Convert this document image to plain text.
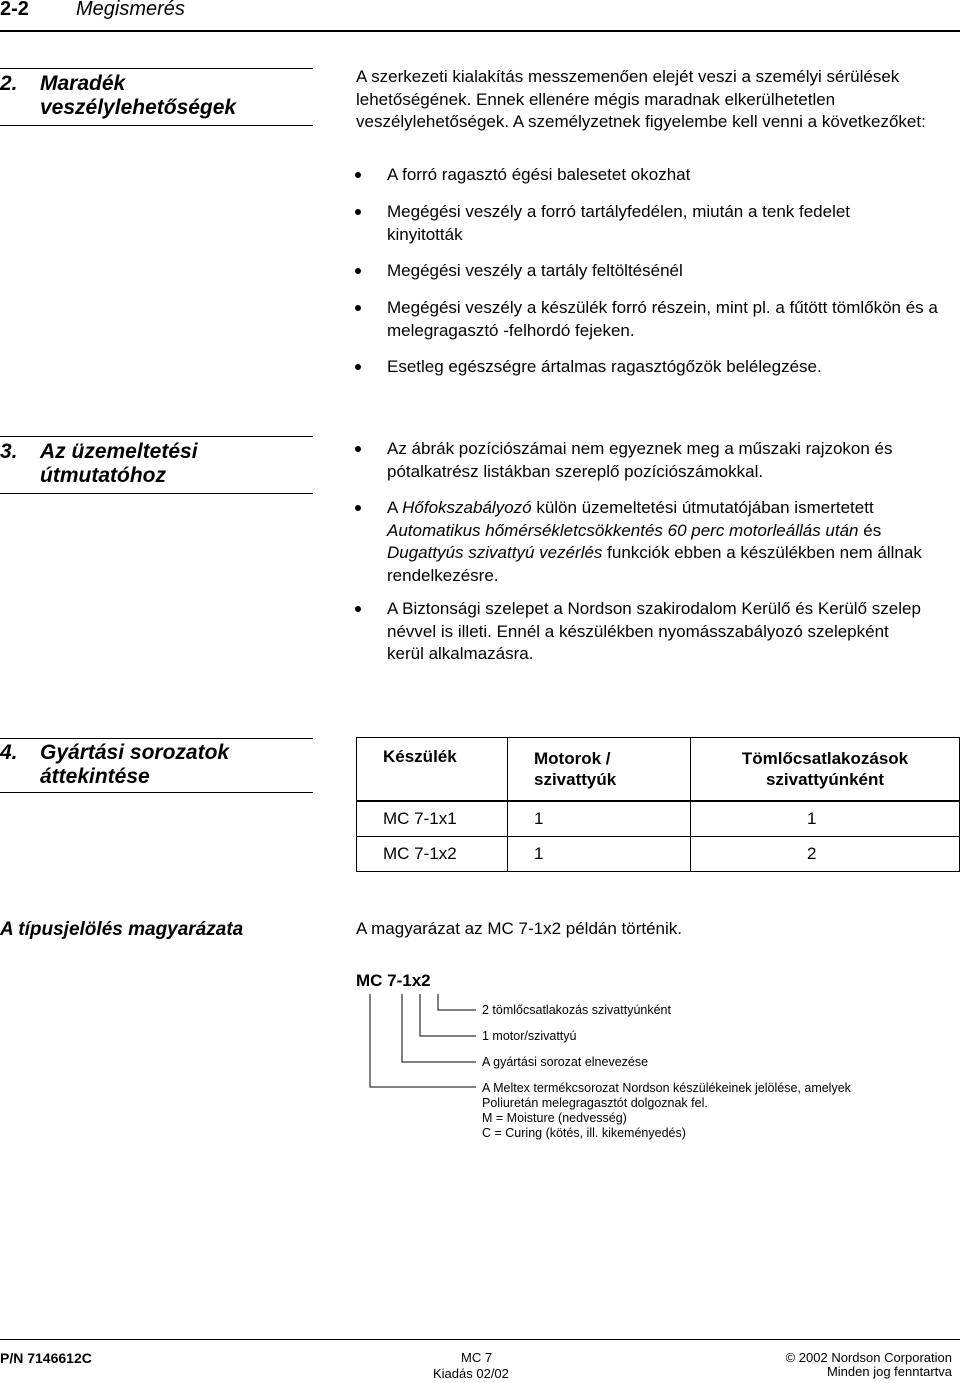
2-2 Megismerés
2. Maradék
veszélylehetőségek
A szerkezeti kialakítás messzemenően elejét veszi a személyi sérülések lehetőségének. Ennek ellenére mégis maradnak elkerülhetetlen veszélylehetőségek. A személyzetnek figyelembe kell venni a következőket:
A forró ragasztó égési balesetet okozhat
Megégési veszély a forró tartályfedélen, miután a tenk fedelet kinyitották
Megégési veszély a tartály feltöltésénél
Megégési veszély a készülék forró részein, mint pl. a fűtött tömlőkön és a melegragasztó -felhordó fejeken.
Esetleg egészségre ártalmas ragasztógőzök belélegzése.
3. Az üzemeltetési
útmutatóhoz
Az ábrák pozíciószámai nem egyeznek meg a műszaki rajzokon és pótalkatrész listákban szereplő pozíciószámokkal.
A Hőfokszabályozó külön üzemeltetési útmutatójában ismertetett Automatikus hőmérsékletcsökkentés 60 perc motorleállás után és Dugattyús szivattyú vezérlés funkciók ebben a készülékben nem állnak rendelkezésre.
A Biztonsági szelepet a Nordson szakirodalom Kerülő és Kerülő szelep névvel is illeti. Ennél a készülékben nyomásszabályozó szelepként kerül alkalmazásra.
4. Gyártási sorozatok
áttekintése
Készülék	Motorok / szivattyúk	Tömlőcsatlakozások szivattyúnként
MC 7-1x1	1	1
MC 7-1x2	1	2
A típusjelölés magyarázata	A magyarázat az MC 7-1x2 példán történik.
MC 7-1x2
2 tömlőcsatlakozás szivattyúnként
1 motor/szivattyú
A gyártási sorozat elnevezése
A Meltex termékcsorozat Nordson készülékeinek jelölése, amelyek
Poliuretán melegragasztót dolgoznak fel.
M = Moisture (nedvesség)
C = Curing (kötés, ill. kikeményedés)
P/N 7146612C	MC 7
Kiadás 02/02
© 2002 Nordson Corporation
Minden jog fenntartva
